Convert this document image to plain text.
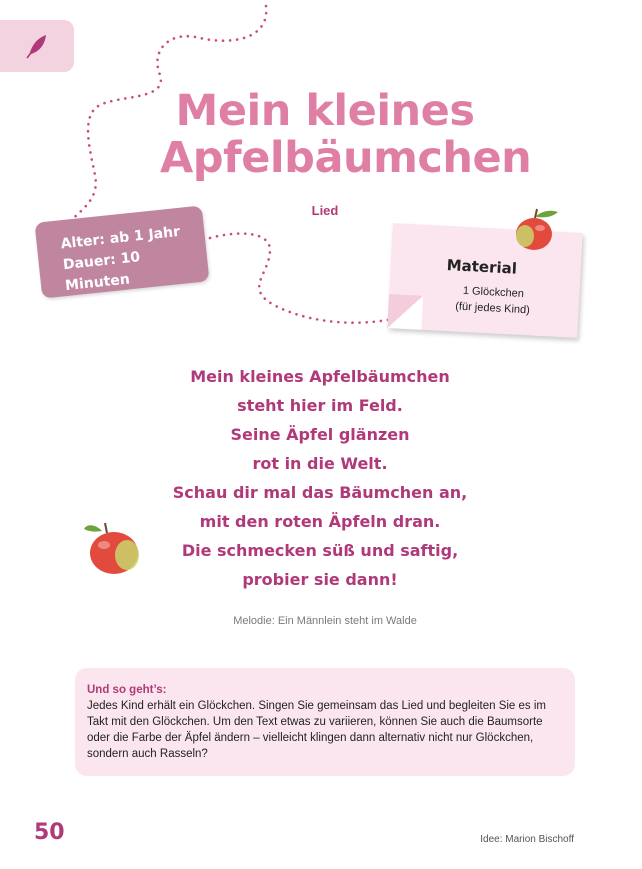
Mein kleines
Apfelbäumchen
Lied
Alter: ab 1 Jahr
Dauer: 10 Minuten
Material
1 Glöckchen
(für jedes Kind)
Mein kleines Apfelbäumchen
steht hier im Feld.
Seine Äpfel glänzen
rot in die Welt.
Schau dir mal das Bäumchen an,
mit den roten Äpfeln dran.
Die schmecken süß und saftig,
probier sie dann!
Melodie: Ein Männlein steht im Walde
Und so geht’s:
Jedes Kind erhält ein Glöckchen. Singen Sie gemeinsam das Lied und begleiten Sie es im Takt mit den Glöckchen. Um den Text etwas zu variieren, können Sie auch die Baumsorte oder die Farbe der Äpfel ändern – vielleicht klingen dann alternativ nicht nur Glöckchen, sondern auch Rasseln?
50	Idee: Marion Bischoff
